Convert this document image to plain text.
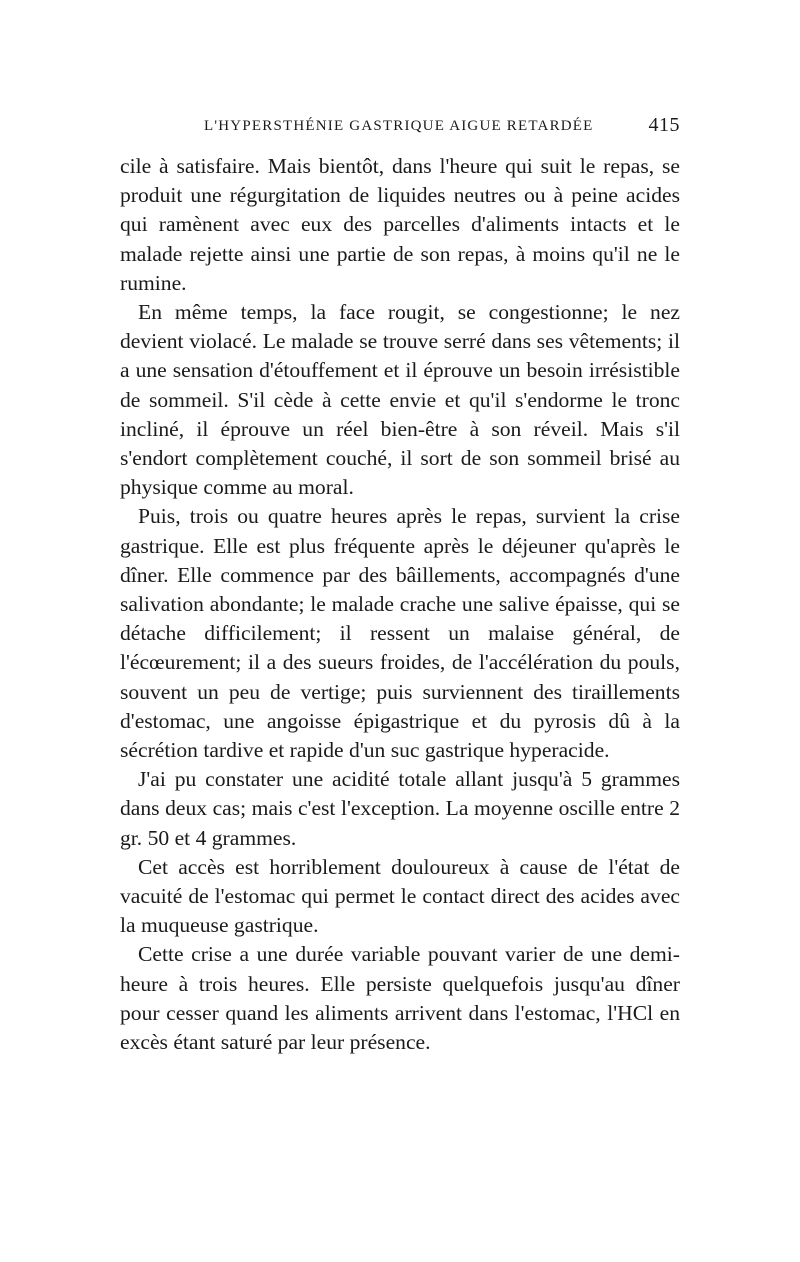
L'HYPERSTHÉNIE GASTRIQUE AIGUE RETARDÉE	415

cile à satisfaire. Mais bientôt, dans l'heure qui suit le repas, se produit une régurgitation de liquides neutres ou à peine acides qui ramènent avec eux des parcelles d'aliments intacts et le malade rejette ainsi une partie de son repas, à moins qu'il ne le rumine.

En même temps, la face rougit, se congestionne; le nez devient violacé. Le malade se trouve serré dans ses vêtements; il a une sensation d'étouffement et il éprouve un besoin irrésistible de sommeil. S'il cède à cette envie et qu'il s'endorme le tronc incliné, il éprouve un réel bien-être à son réveil. Mais s'il s'endort complètement couché, il sort de son sommeil brisé au physique comme au moral.

Puis, trois ou quatre heures après le repas, survient la crise gastrique. Elle est plus fréquente après le déjeuner qu'après le dîner. Elle commence par des bâillements, accompagnés d'une salivation abondante; le malade crache une salive épaisse, qui se détache difficilement; il ressent un malaise général, de l'écœurement; il a des sueurs froides, de l'accélération du pouls, souvent un peu de vertige; puis surviennent des tiraillements d'estomac, une angoisse épigastrique et du pyrosis dû à la sécrétion tardive et rapide d'un suc gastrique hyperacide.

J'ai pu constater une acidité totale allant jusqu'à 5 grammes dans deux cas; mais c'est l'exception. La moyenne oscille entre 2 gr. 50 et 4 grammes.

Cet accès est horriblement douloureux à cause de l'état de vacuité de l'estomac qui permet le contact direct des acides avec la muqueuse gastrique.

Cette crise a une durée variable pouvant varier de une demi-heure à trois heures. Elle persiste quelquefois jusqu'au dîner pour cesser quand les aliments arrivent dans l'estomac, l'HCl en excès étant saturé par leur présence.
